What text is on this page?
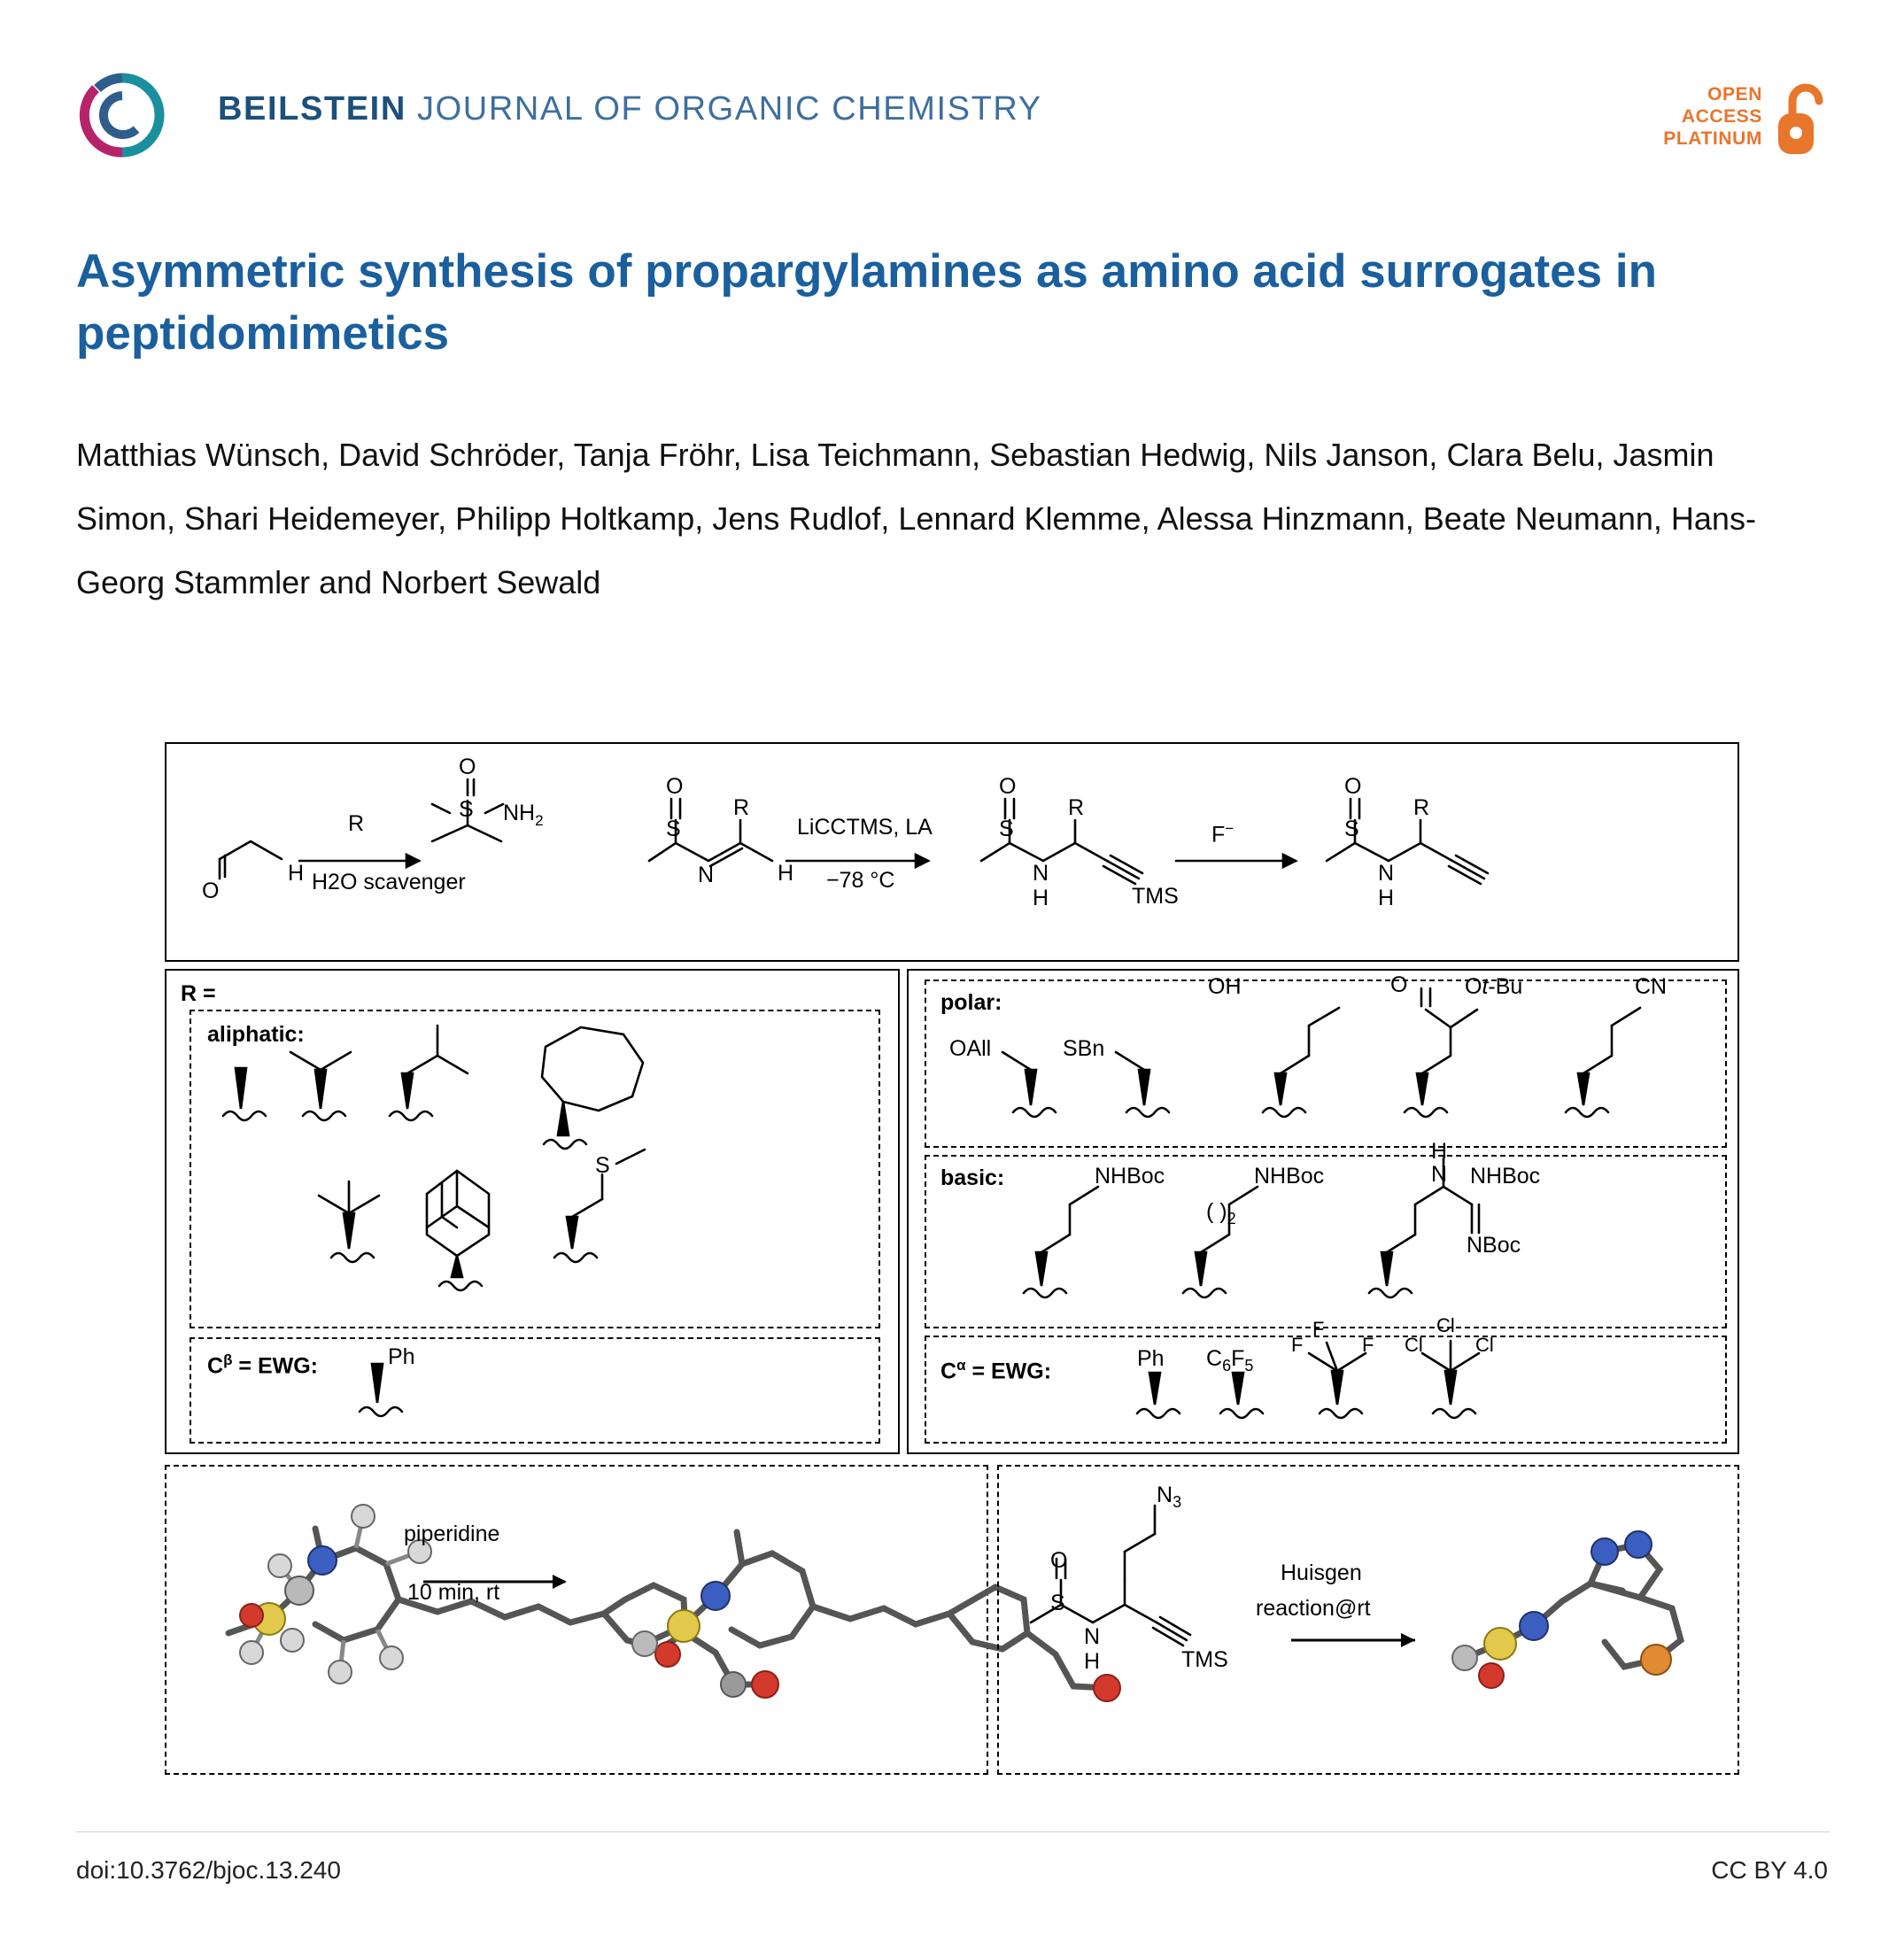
BEILSTEIN JOURNAL OF ORGANIC CHEMISTRY	OPEN
ACCESS
PLATINUM
Asymmetric synthesis of propargylamines as amino acid surrogates in peptidomimetics
Matthias Wünsch, David Schröder, Tanja Fröhr, Lisa Teichmann, Sebastian Hedwig, Nils Janson, Clara Belu, Jasmin Simon, Shari Heidemeyer, Philipp Holtkamp, Jens Rudlof, Lennard Klemme, Alessa Hinzmann, Beate Neumann, Hans-Georg Stammler and Norbert Sewald
R
O
H H2O scavenger
O
S $NH_2$
O
S
N
R
H
LiCCTMS, LA
−78 °C
O
S
N
H
R
TMS
F−
O
S
N
H
R
R =
aliphatic:
S
$C^\beta$ = EWG:	Ph
polar:
OAll	SBn
OH	O	Ot-Bu	CN
basic:	NHBoc	NHBoc
( )$_2$
H
N NHBoc
NBoc
$C^\alpha$ = EWG:
Ph $C_6F_5$
F
F
F Cl
Cl
Cl
piperidine
10 min, rt
$N_3$
O
S
N
H	TMS
Huisgen
reaction@rt
doi:10.3762/bjoc.13.240	CC BY 4.0
